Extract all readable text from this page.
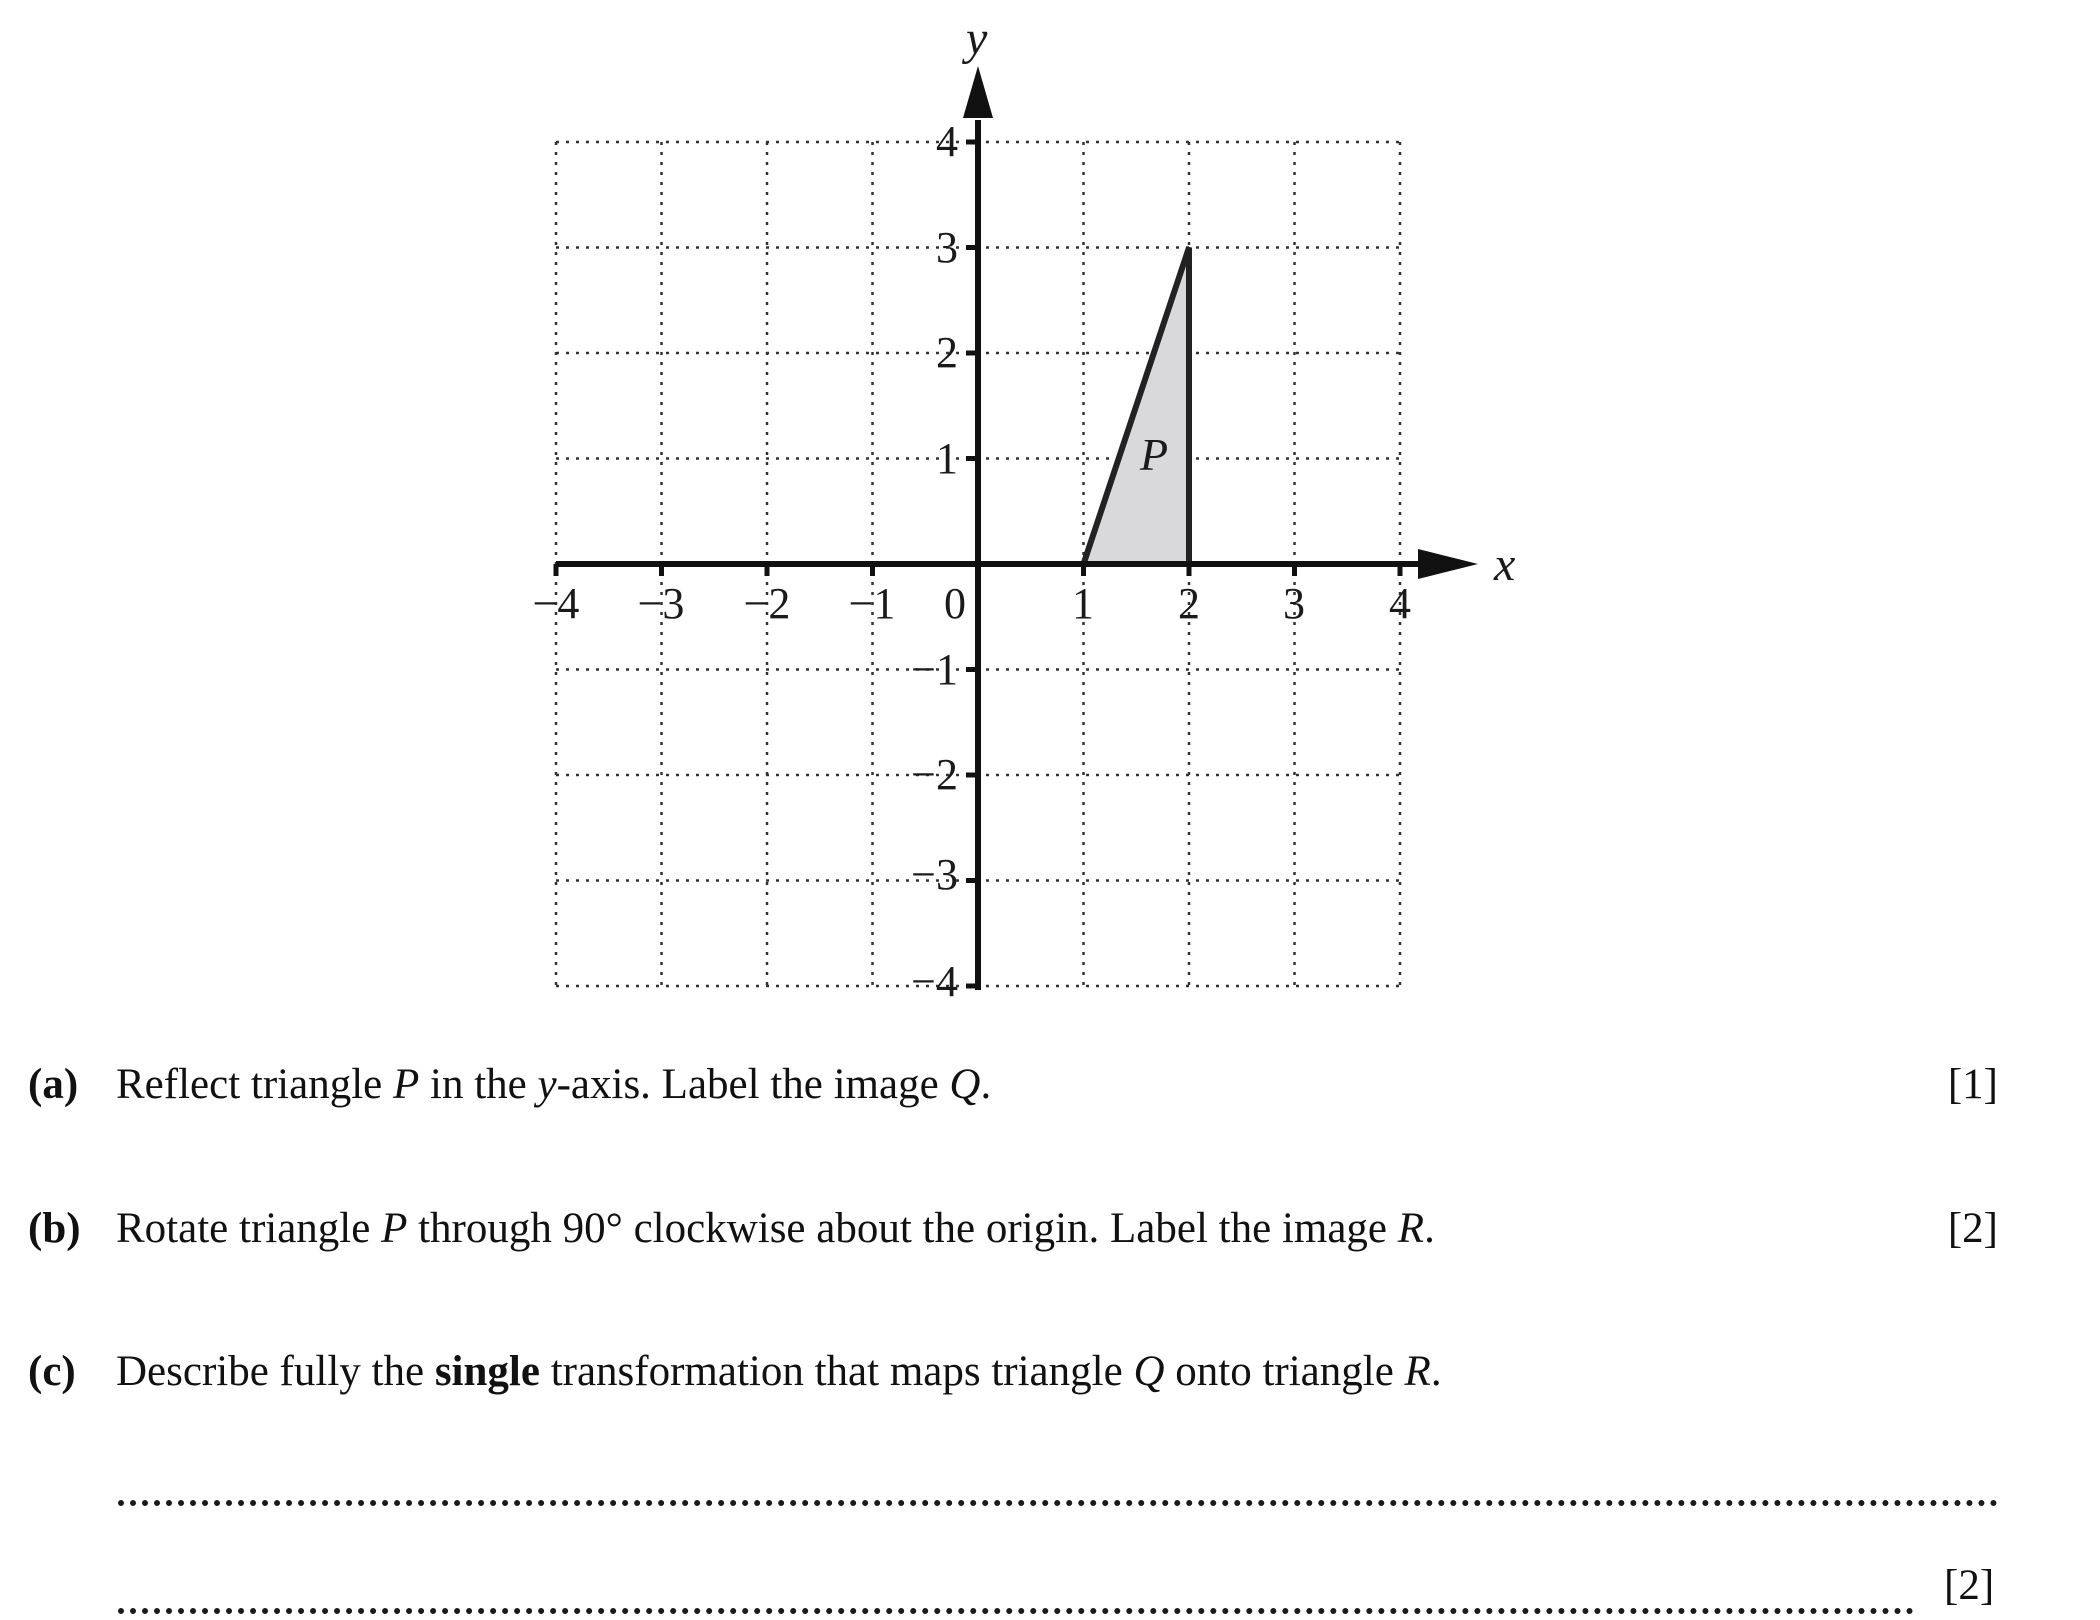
−4 −3 −2 −1	1 2 3 4
0
1
2
3
4
−1
−2
−3
−4
x
y
P
(a) Reflect triangle P in the y-axis. Label the image Q.	[1]
(b) Rotate triangle P through 90° clockwise about the origin. Label the image R.	[2]
(c) Describe fully the single transformation that maps triangle Q onto triangle R.
[2]
